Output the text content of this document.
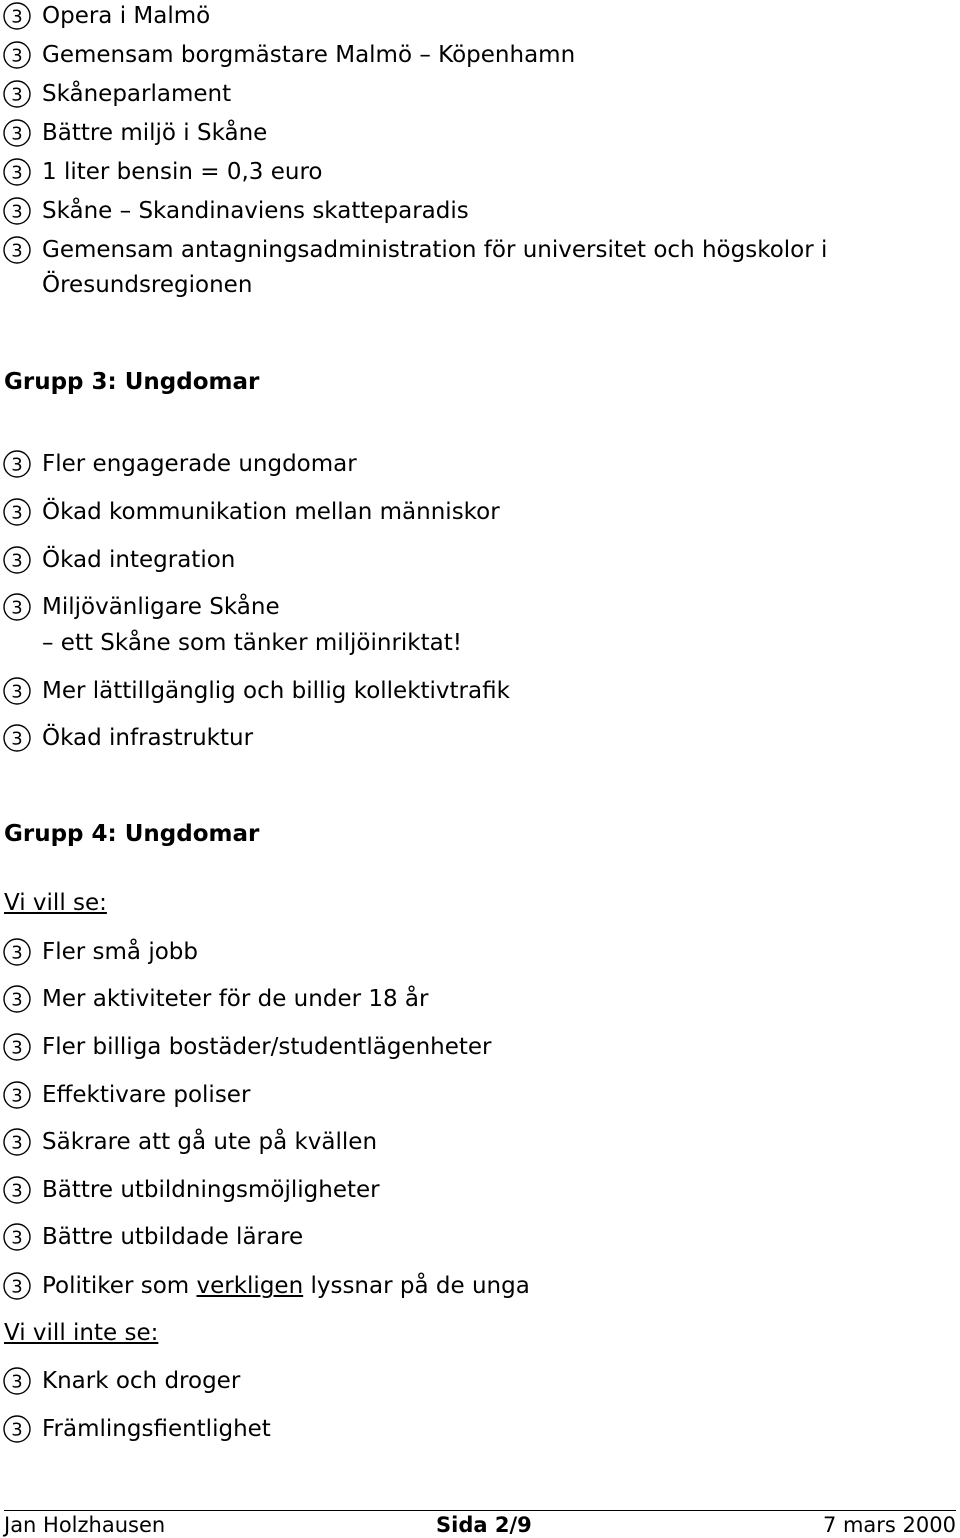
Opera i Malmö
Gemensam borgmästare Malmö – Köpenhamn
Skåneparlament
Bättre miljö i Skåne
1 liter bensin = 0,3 euro
Skåne – Skandinaviens skatteparadis
Gemensam antagningsadministration för universitet och högskolor i
Öresundsregionen
Grupp 3: Ungdomar
Fler engagerade ungdomar
Ökad kommunikation mellan människor
Ökad integration
Miljövänligare Skåne
– ett Skåne som tänker miljöinriktat!
Mer lättillgänglig och billig kollektivtrafik
Ökad infrastruktur
Grupp 4: Ungdomar
Vi vill se:
Fler små jobb
Mer aktiviteter för de under 18 år
Fler billiga bostäder/studentlägenheter
Effektivare poliser
Säkrare att gå ute på kvällen
Bättre utbildningsmöjligheter
Bättre utbildade lärare
Politiker som verkligen lyssnar på de unga
Vi vill inte se:
Knark och droger
Främlingsfientlighet
Jan Holzhausen	Sida 2/9	7 mars 2000
